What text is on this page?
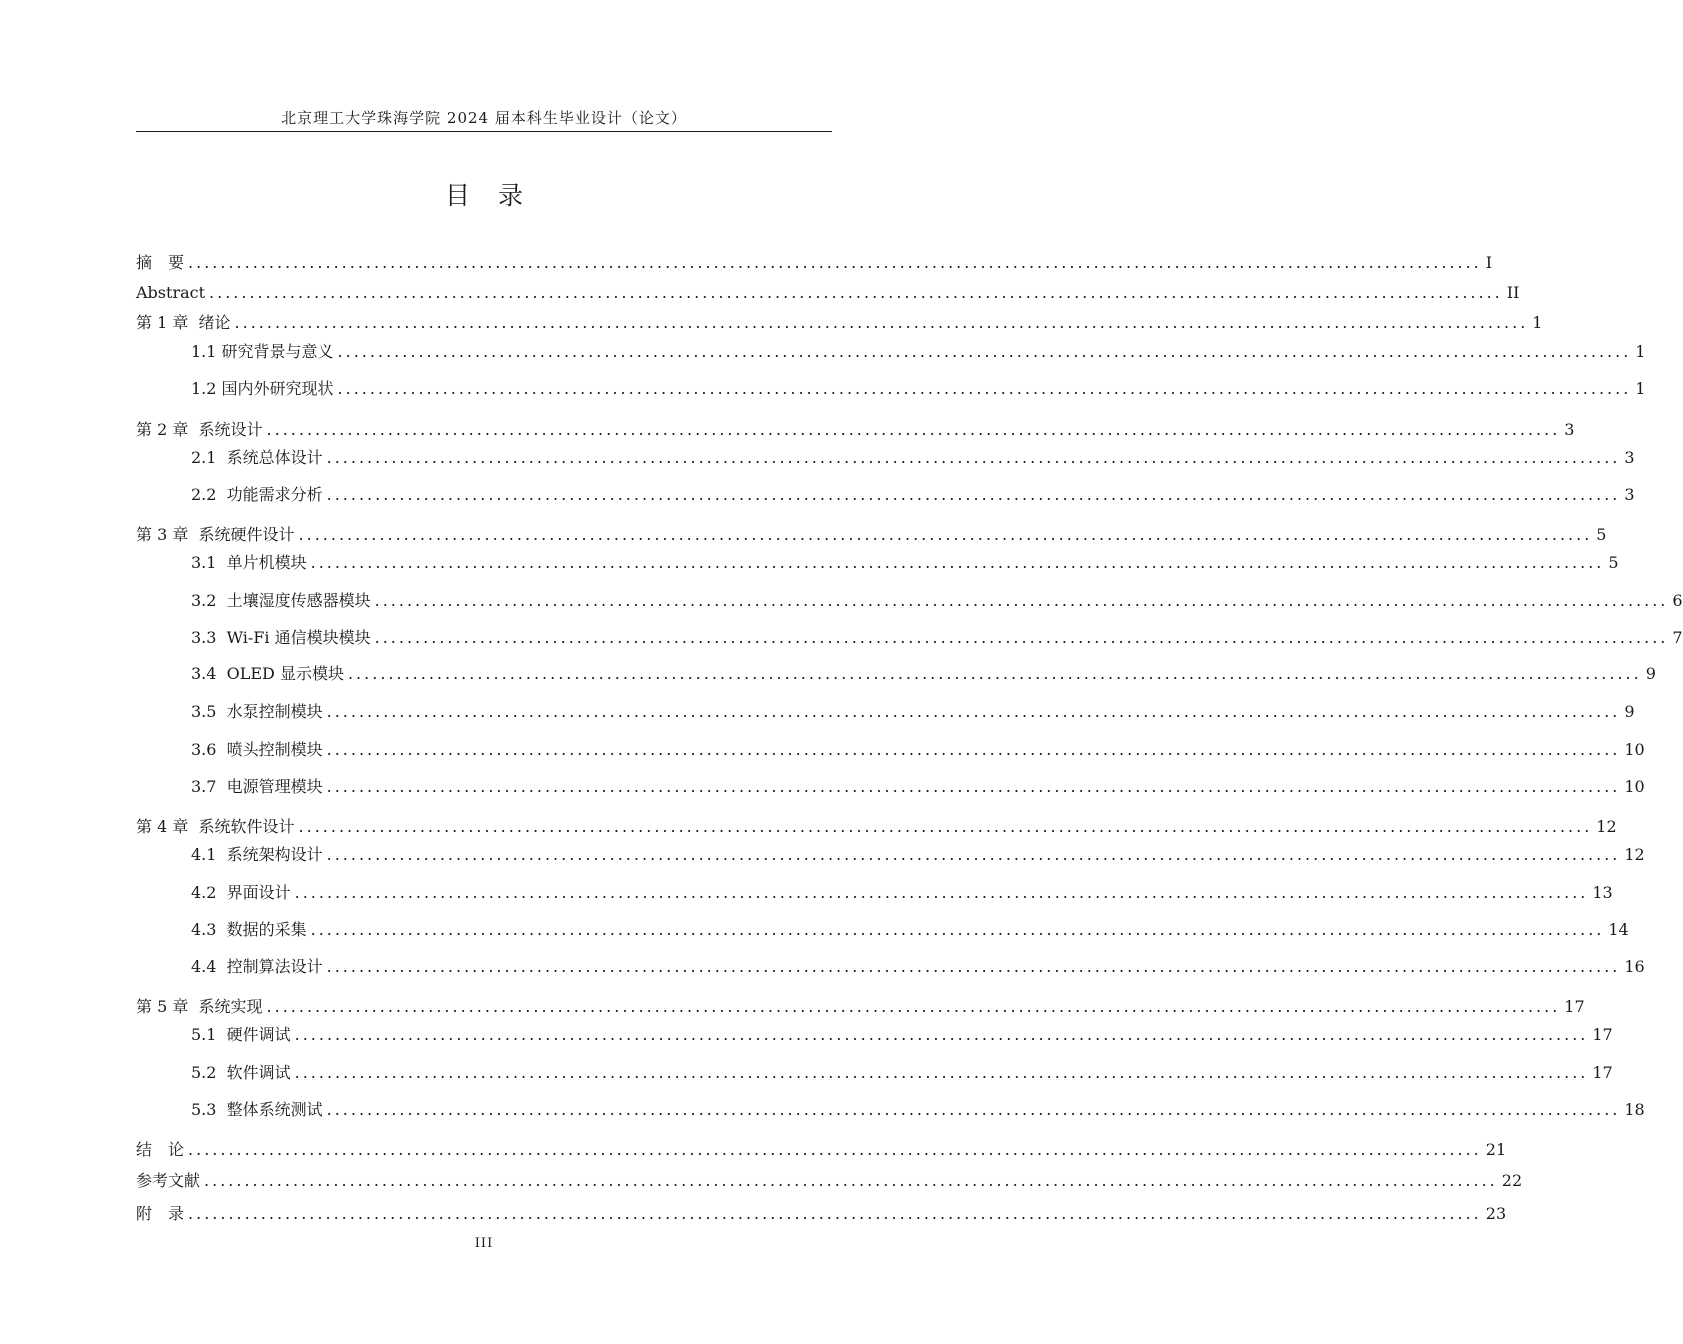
北京理工大学珠海学院 2024 届本科生毕业设计（论文）
目 录
摘　要 ................................................................................................................................................................ I
Abstract ................................................................................................................................................................ II
第 1 章  绪论 ................................................................................................................................................................ 1
1.1 研究背景与意义 ................................................................................................................................................................ 1
1.2 国内外研究现状 ................................................................................................................................................................ 1
第 2 章  系统设计 ................................................................................................................................................................ 3
2.1  系统总体设计 ................................................................................................................................................................ 3
2.2  功能需求分析 ................................................................................................................................................................ 3
第 3 章  系统硬件设计 ................................................................................................................................................................ 5
3.1  单片机模块 ................................................................................................................................................................ 5
3.2  土壤湿度传感器模块 ................................................................................................................................................................ 6
3.3  Wi-Fi 通信模块模块 ................................................................................................................................................................ 7
3.4  OLED 显示模块 ................................................................................................................................................................ 9
3.5  水泵控制模块 ................................................................................................................................................................ 9
3.6  喷头控制模块 ................................................................................................................................................................ 10
3.7  电源管理模块 ................................................................................................................................................................ 10
第 4 章  系统软件设计 ................................................................................................................................................................ 12
4.1  系统架构设计 ................................................................................................................................................................ 12
4.2  界面设计 ................................................................................................................................................................ 13
4.3  数据的采集 ................................................................................................................................................................ 14
4.4  控制算法设计 ................................................................................................................................................................ 16
第 5 章  系统实现 ................................................................................................................................................................ 17
5.1  硬件调试 ................................................................................................................................................................ 17
5.2  软件调试 ................................................................................................................................................................ 17
5.3  整体系统测试 ................................................................................................................................................................ 18
结　论 ................................................................................................................................................................ 21
参考文献 ................................................................................................................................................................ 22
附　录 ................................................................................................................................................................ 23
III
